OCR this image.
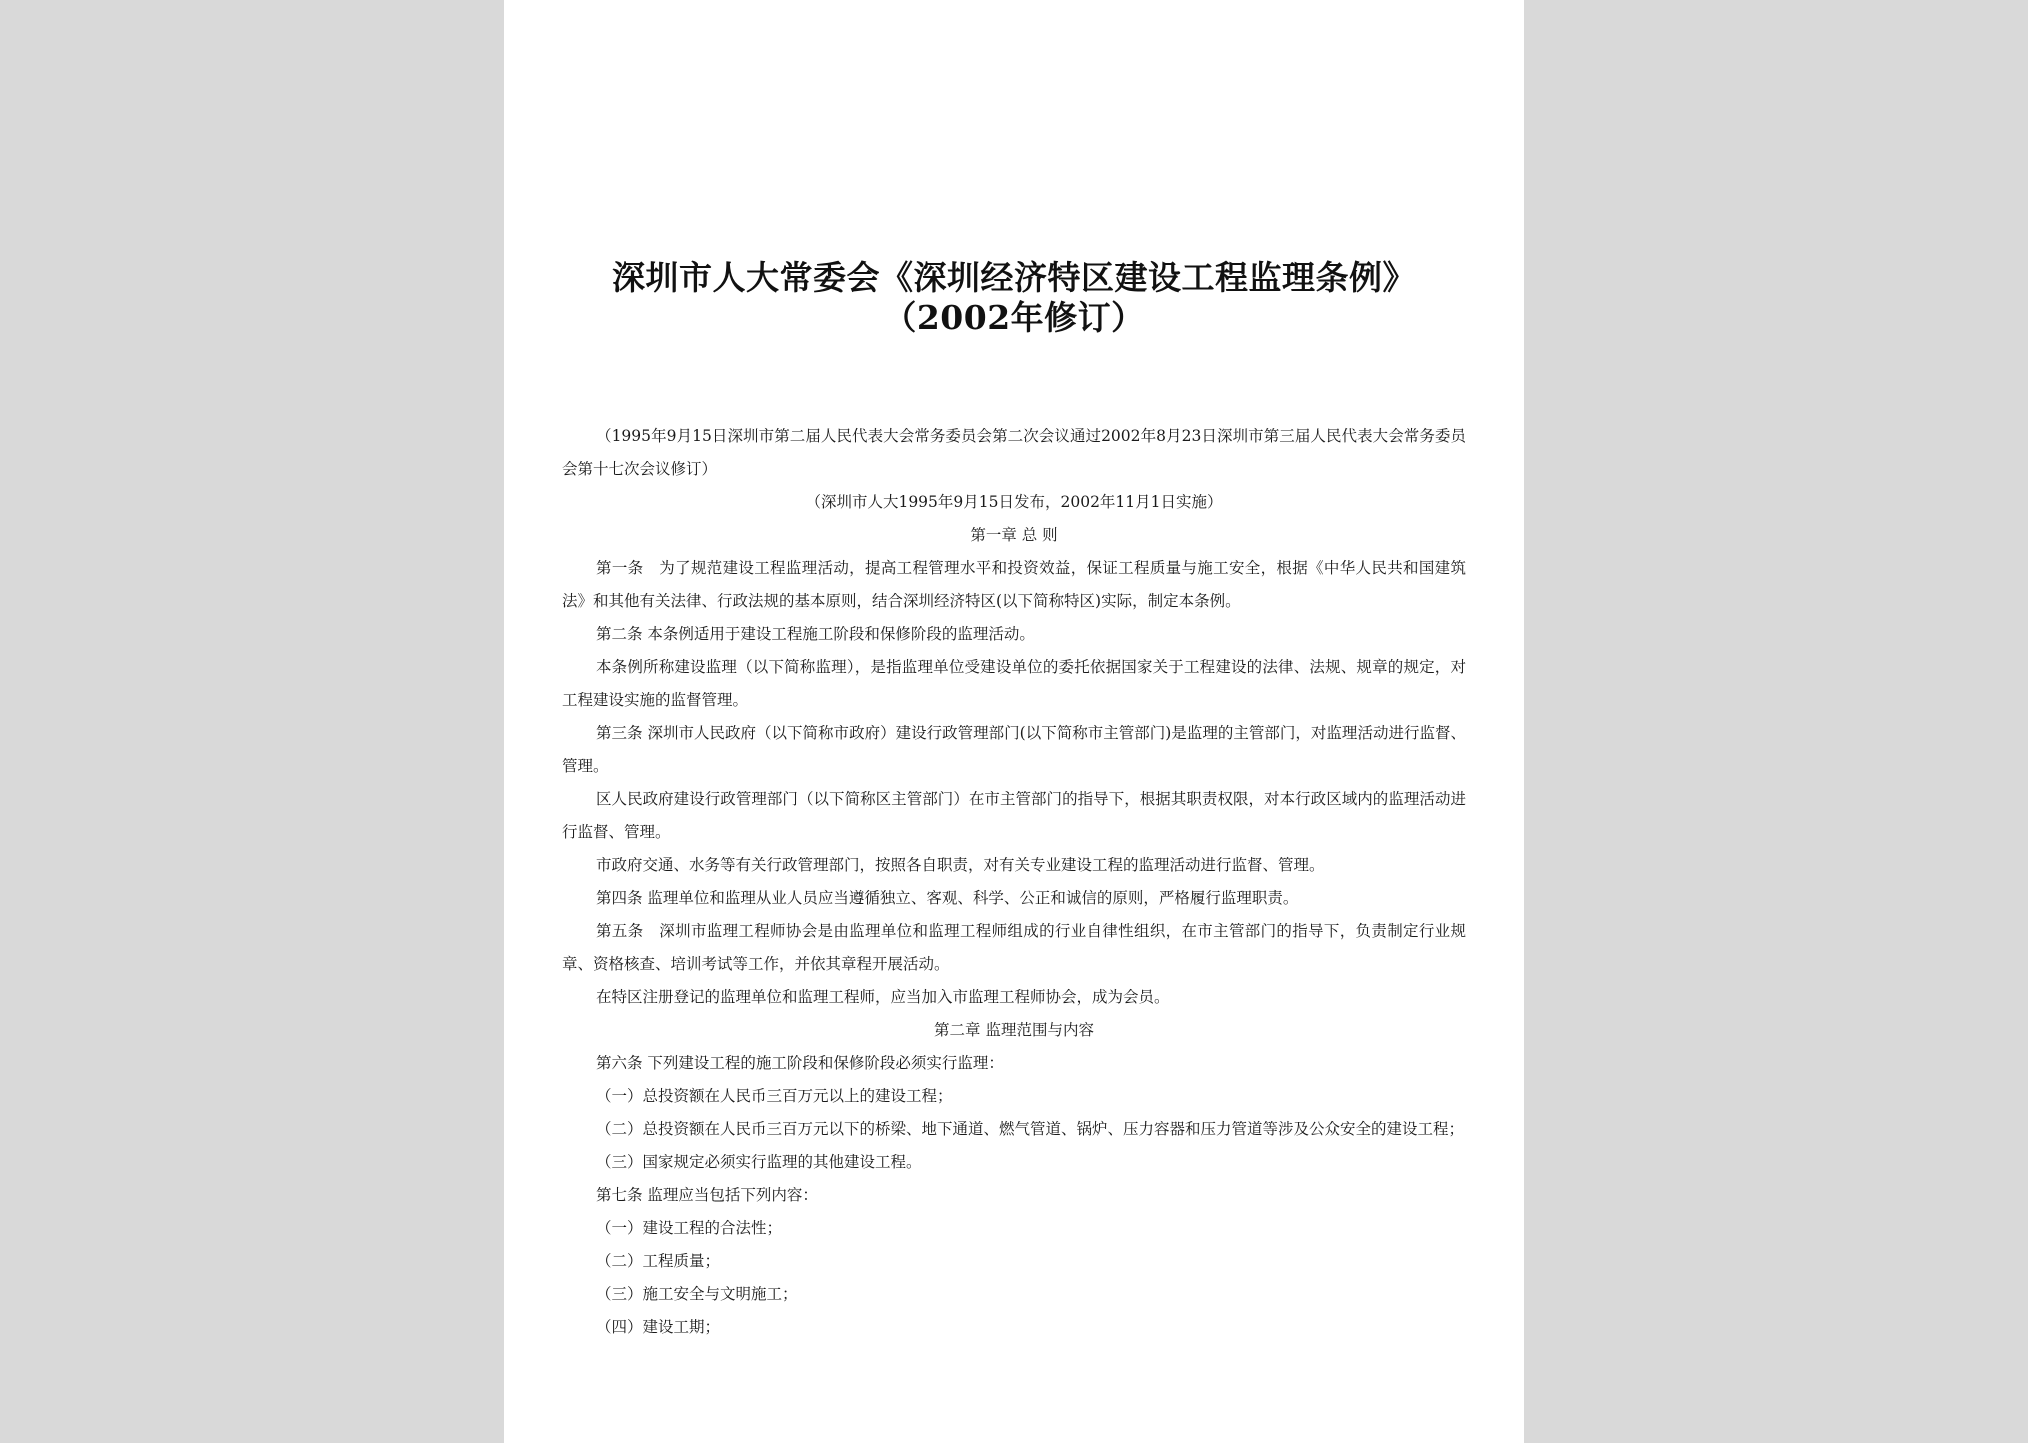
深圳市人大常委会《深圳经济特区建设工程监理条例》（2002年修订）

（1995年9月15日深圳市第二届人民代表大会常务委员会第二次会议通过2002年8月23日深圳市第三届人民代表大会常务委员会第十七次会议修订）

（深圳市人大1995年9月15日发布，2002年11月1日实施）

第一章 总 则

第一条　为了规范建设工程监理活动，提高工程管理水平和投资效益，保证工程质量与施工安全，根据《中华人民共和国建筑法》和其他有关法律、行政法规的基本原则，结合深圳经济特区(以下简称特区)实际，制定本条例。

第二条 本条例适用于建设工程施工阶段和保修阶段的监理活动。

本条例所称建设监理（以下简称监理），是指监理单位受建设单位的委托依据国家关于工程建设的法律、法规、规章的规定，对工程建设实施的监督管理。

第三条 深圳市人民政府（以下简称市政府）建设行政管理部门(以下简称市主管部门)是监理的主管部门，对监理活动进行监督、管理。

区人民政府建设行政管理部门（以下简称区主管部门）在市主管部门的指导下，根据其职责权限，对本行政区域内的监理活动进行监督、管理。

市政府交通、水务等有关行政管理部门，按照各自职责，对有关专业建设工程的监理活动进行监督、管理。

第四条 监理单位和监理从业人员应当遵循独立、客观、科学、公正和诚信的原则，严格履行监理职责。

第五条　深圳市监理工程师协会是由监理单位和监理工程师组成的行业自律性组织，在市主管部门的指导下，负责制定行业规章、资格核查、培训考试等工作，并依其章程开展活动。

在特区注册登记的监理单位和监理工程师，应当加入市监理工程师协会，成为会员。

第二章 监理范围与内容

第六条 下列建设工程的施工阶段和保修阶段必须实行监理：

（一）总投资额在人民币三百万元以上的建设工程；

（二）总投资额在人民币三百万元以下的桥梁、地下通道、燃气管道、锅炉、压力容器和压力管道等涉及公众安全的建设工程；

（三）国家规定必须实行监理的其他建设工程。

第七条 监理应当包括下列内容：

（一）建设工程的合法性；

（二）工程质量；

（三）施工安全与文明施工；

（四）建设工期；
